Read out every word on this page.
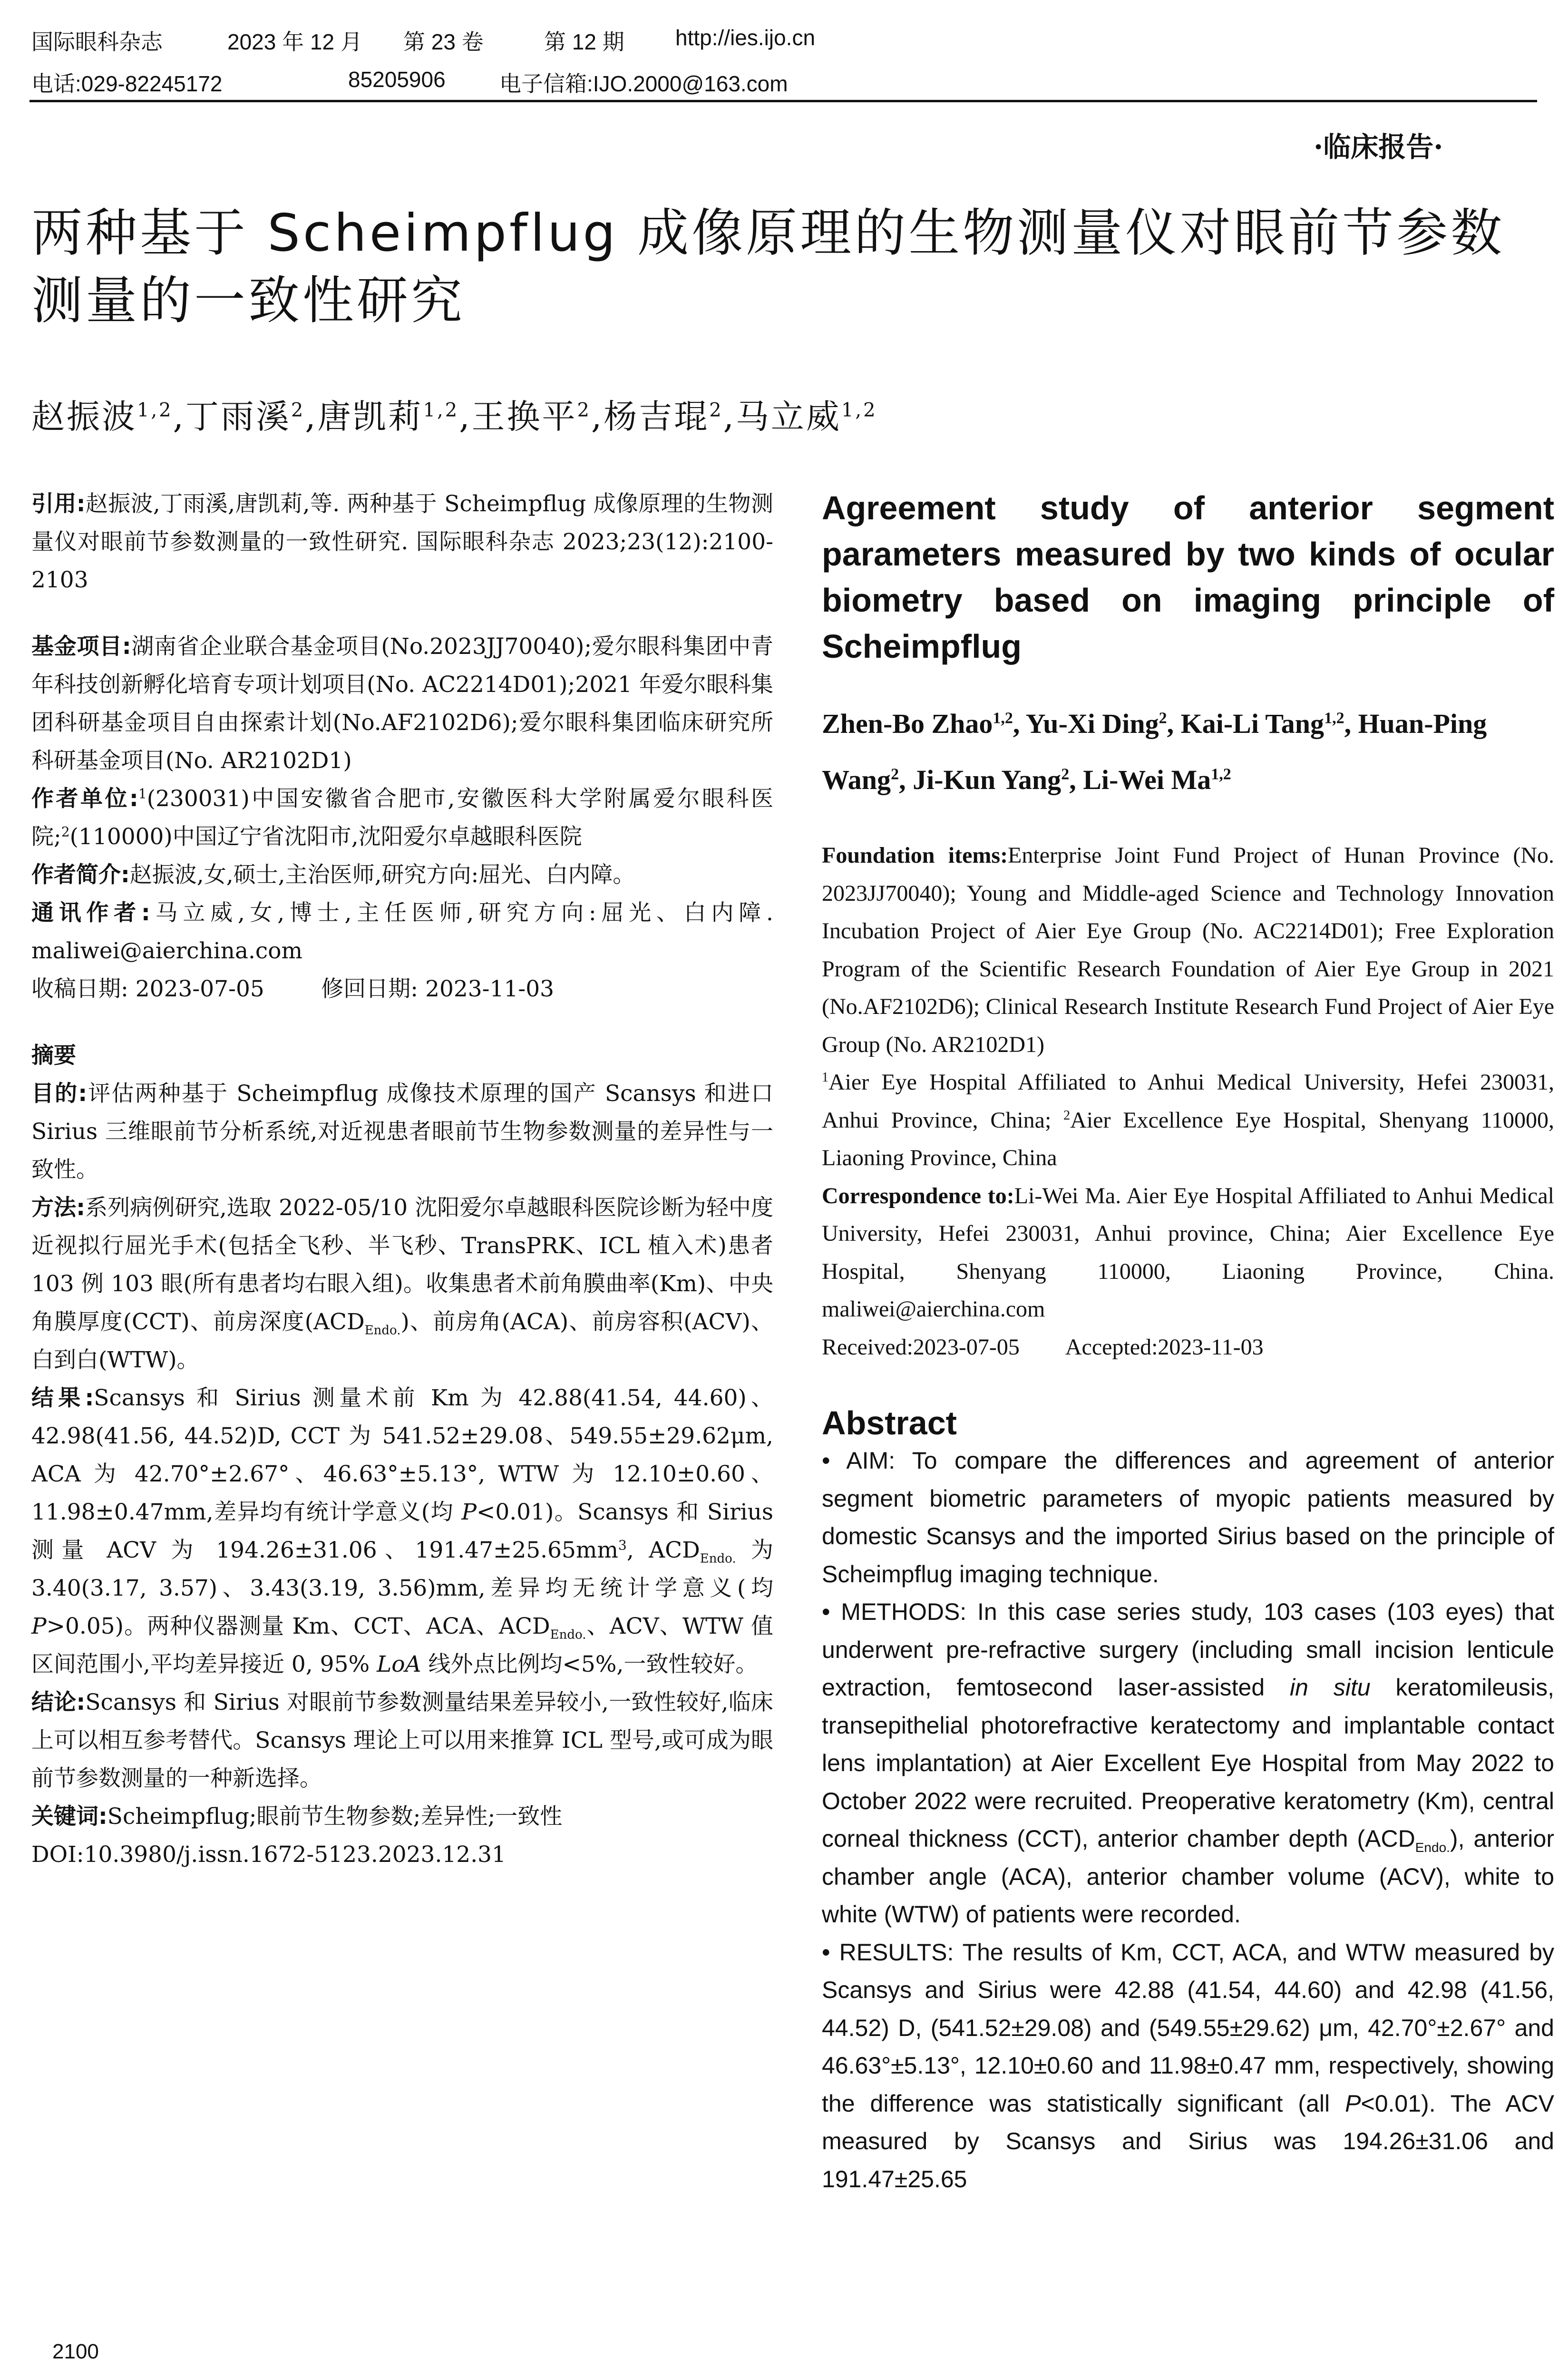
国际眼科杂志	2023 年 12 月 第 23 卷	第 12 期 http://ies.ijo.cn
电话:029-82245172	85205906 电子信箱:IJO.2000@163.com
·临床报告·
两种基于 Scheimpflug 成像原理的生物测量仪对眼前节参数测量的一致性研究
赵振波$^{1,2}$,丁雨溪$^2$,唐凯莉$^{1,2}$,王换平$^2$,杨吉琨$^2$,马立威$^{1,2}$

引用:赵振波,丁雨溪,唐凯莉,等. 两种基于 Scheimpflug 成像原理的生物测量仪对眼前节参数测量的一致性研究. 国际眼科杂志 2023;23(12):2100-2103

基金项目:湖南省企业联合基金项目(No.2023JJ70040);爱尔眼科集团中青年科技创新孵化培育专项计划项目(No. AC2214D01);2021 年爱尔眼科集团科研基金项目自由探索计划(No.AF2102D6);爱尔眼科集团临床研究所科研基金项目(No. AR2102D1)

作者单位:$^1$(230031)中国安徽省合肥市,安徽医科大学附属爱尔眼科医院;$^2$(110000)中国辽宁省沈阳市,沈阳爱尔卓越眼科医院

作者简介:赵振波,女,硕士,主治医师,研究方向:屈光、白内障。

通讯作者:马立威,女,博士,主任医师,研究方向:屈光、白内障. maliwei@aierchina.com

收稿日期: 2023-07-05	修回日期: 2023-11-03

摘要

目的:评估两种基于 Scheimpflug 成像技术原理的国产 Scansys 和进口 Sirius 三维眼前节分析系统,对近视患者眼前节生物参数测量的差异性与一致性。

方法:系列病例研究,选取 2022-05/10 沈阳爱尔卓越眼科医院诊断为轻中度近视拟行屈光手术(包括全飞秒、半飞秒、TransPRK、ICL 植入术)患者 103 例 103 眼(所有患者均右眼入组)。收集患者术前角膜曲率(Km)、中央角膜厚度(CCT)、前房深度$(ACD_{Endo.})$、前房角(ACA)、前房容积(ACV)、白到白(WTW)。

结果:Scansys 和 Sirius 测量术前 Km 为 42.88(41.54, 44.60)、42.98(41.56, 44.52)D, CCT 为 541.52±29.08、549.55±29.62μm, ACA 为 42.70°±2.67°、46.63°±5.13°, WTW 为 12.10±0.60、11.98±0.47mm,差异均有统计学意义(均 P<0.01)。Scansys 和 Sirius 测量 ACV 为 194.26±31.06、$191.47\pm 25.65mm^3$, $ACD_{Endo.}$ 为 3.40(3.17, 3.57)、3.43(3.19, 3.56)mm,差异均无统计学意义(均 P>0.05)。两种仪器测量 Km、CCT、ACA、$ACD_{Endo.}$、ACV、WTW 值区间范围小,平均差异接近 0, 95% LoA 线外点比例均<5%,一致性较好。

结论:Scansys 和 Sirius 对眼前节参数测量结果差异较小,一致性较好,临床上可以相互参考替代。Scansys 理论上可以用来推算 ICL 型号,或可成为眼前节参数测量的一种新选择。

关键词:Scheimpflug;眼前节生物参数;差异性;一致性

DOI:10.3980/j.issn.1672-5123.2023.12.31

Agreement study of anterior segment parameters measured by two kinds of ocular biometry based on imaging principle of Scheimpflug

Zhen-Bo Zhao$^{1,2}$, Yu-Xi Ding$^2$, Kai-Li Tang$^{1,2}$, Huan-Ping Wang$^2$, Ji-Kun Yang$^2$, Li-Wei Ma$^{1,2}$

Foundation items:Enterprise Joint Fund Project of Hunan Province (No. 2023JJ70040); Young and Middle-aged Science and Technology Innovation Incubation Project of Aier Eye Group (No. AC2214D01); Free Exploration Program of the Scientific Research Foundation of Aier Eye Group in 2021 (No.AF2102D6); Clinical Research Institute Research Fund Project of Aier Eye Group (No. AR2102D1)

$^1$Aier Eye Hospital Affiliated to Anhui Medical University, Hefei 230031, Anhui Province, China; $^2$Aier Excellence Eye Hospital, Shenyang 110000, Liaoning Province, China

Correspondence to:Li-Wei Ma. Aier Eye Hospital Affiliated to Anhui Medical University, Hefei 230031, Anhui province, China; Aier Excellence Eye Hospital, Shenyang 110000, Liaoning Province, China. maliwei@aierchina.com

Received:2023-07-05 Accepted:2023-11-03

Abstract

• AIM: To compare the differences and agreement of anterior segment biometric parameters of myopic patients measured by domestic Scansys and the imported Sirius based on the principle of Scheimpflug imaging technique.

• METHODS: In this case series study, 103 cases (103 eyes) that underwent pre-refractive surgery (including small incision lenticule extraction, femtosecond laser-assisted in situ keratomileusis, transepithelial photorefractive keratectomy and implantable contact lens implantation) at Aier Excellent Eye Hospital from May 2022 to October 2022 were recruited. Preoperative keratometry (Km), central corneal thickness (CCT), anterior chamber depth $(ACD_{Endo.})$, anterior chamber angle (ACA), anterior chamber volume (ACV), white to white (WTW) of patients were recorded.

• RESULTS: The results of Km, CCT, ACA, and WTW measured by Scansys and Sirius were 42.88 (41.54, 44.60) and 42.98 (41.56, 44.52) D, (541.52±29.08) and (549.55±29.62) μm, 42.70°±2.67° and 46.63°±5.13°, 12.10±0.60 and 11.98±0.47 mm, respectively, showing the difference was statistically significant (all P<0.01). The ACV measured by Scansys and Sirius was 194.26±31.06 and 191.47±25.65

2100
